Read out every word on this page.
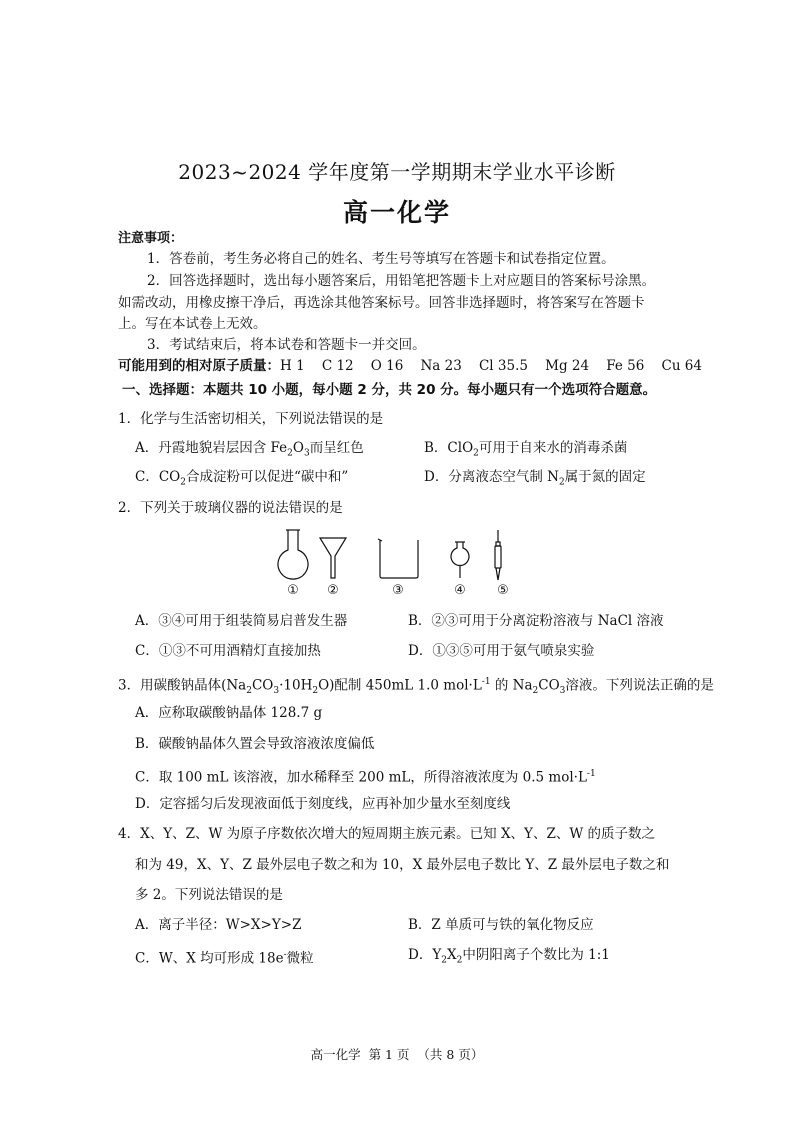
2023~2024 学年度第一学期期末学业水平诊断
高一化学
注意事项：
1．答卷前，考生务必将自己的姓名、考生号等填写在答题卡和试卷指定位置。
2．回答选择题时，选出每小题答案后，用铅笔把答题卡上对应题目的答案标号涂黑。
如需改动，用橡皮擦干净后，再选涂其他答案标号。回答非选择题时，将答案写在答题卡
上。写在本试卷上无效。
3．考试结束后，将本试卷和答题卡一并交回。
可能用到的相对原子质量：H 1    C 12    O 16    Na 23    Cl 35.5    Mg 24    Fe 56    Cu 64
一、选择题：本题共 10 小题，每小题 2 分，共 20 分。每小题只有一个选项符合题意。
1．化学与生活密切相关，下列说法错误的是
A．丹霞地貌岩层因含 $Fe_2O_3$而呈红色	B．ClO$_2$可用于自来水的消毒杀菌
C．$CO_2$合成淀粉可以促进“碳中和”	D．分离液态空气制 $N_2$属于氮的固定
2．下列关于玻璃仪器的说法错误的是
① ②	③	④ ⑤
A．③④可用于组装简易启普发生器	B．②③可用于分离淀粉溶液与 NaCl 溶液
C．①③不可用酒精灯直接加热	D．①③⑤可用于氨气喷泉实验
3．用碳酸钠晶体$(Na_2CO_3\cdot 10H_2O)$配制 450mL 1.0 $mol\cdot L^{-1}$ 的 $Na_2CO_3$溶液。下列说法正确的是
A．应称取碳酸钠晶体 128.7 g
B．碳酸钠晶体久置会导致溶液浓度偏低
C．取 100 mL 该溶液，加水稀释至 200 mL，所得溶液浓度为 0.5 $mol\cdot L^{-1}$
D．定容摇匀后发现液面低于刻度线，应再补加少量水至刻度线
4．X、Y、Z、W 为原子序数依次增大的短周期主族元素。已知 X、Y、Z、W 的质子数之
和为 49，X、Y、Z 最外层电子数之和为 10，X 最外层电子数比 Y、Z 最外层电子数之和
多 2。下列说法错误的是
A．离子半径：W>X>Y>Z	B．Z 单质可与铁的氧化物反应
C．W、X 均可形成 18e-微粒	D．$Y_2X_2$中阴阳离子个数比为 1:1
高一化学  第 1 页  （共 8 页）
